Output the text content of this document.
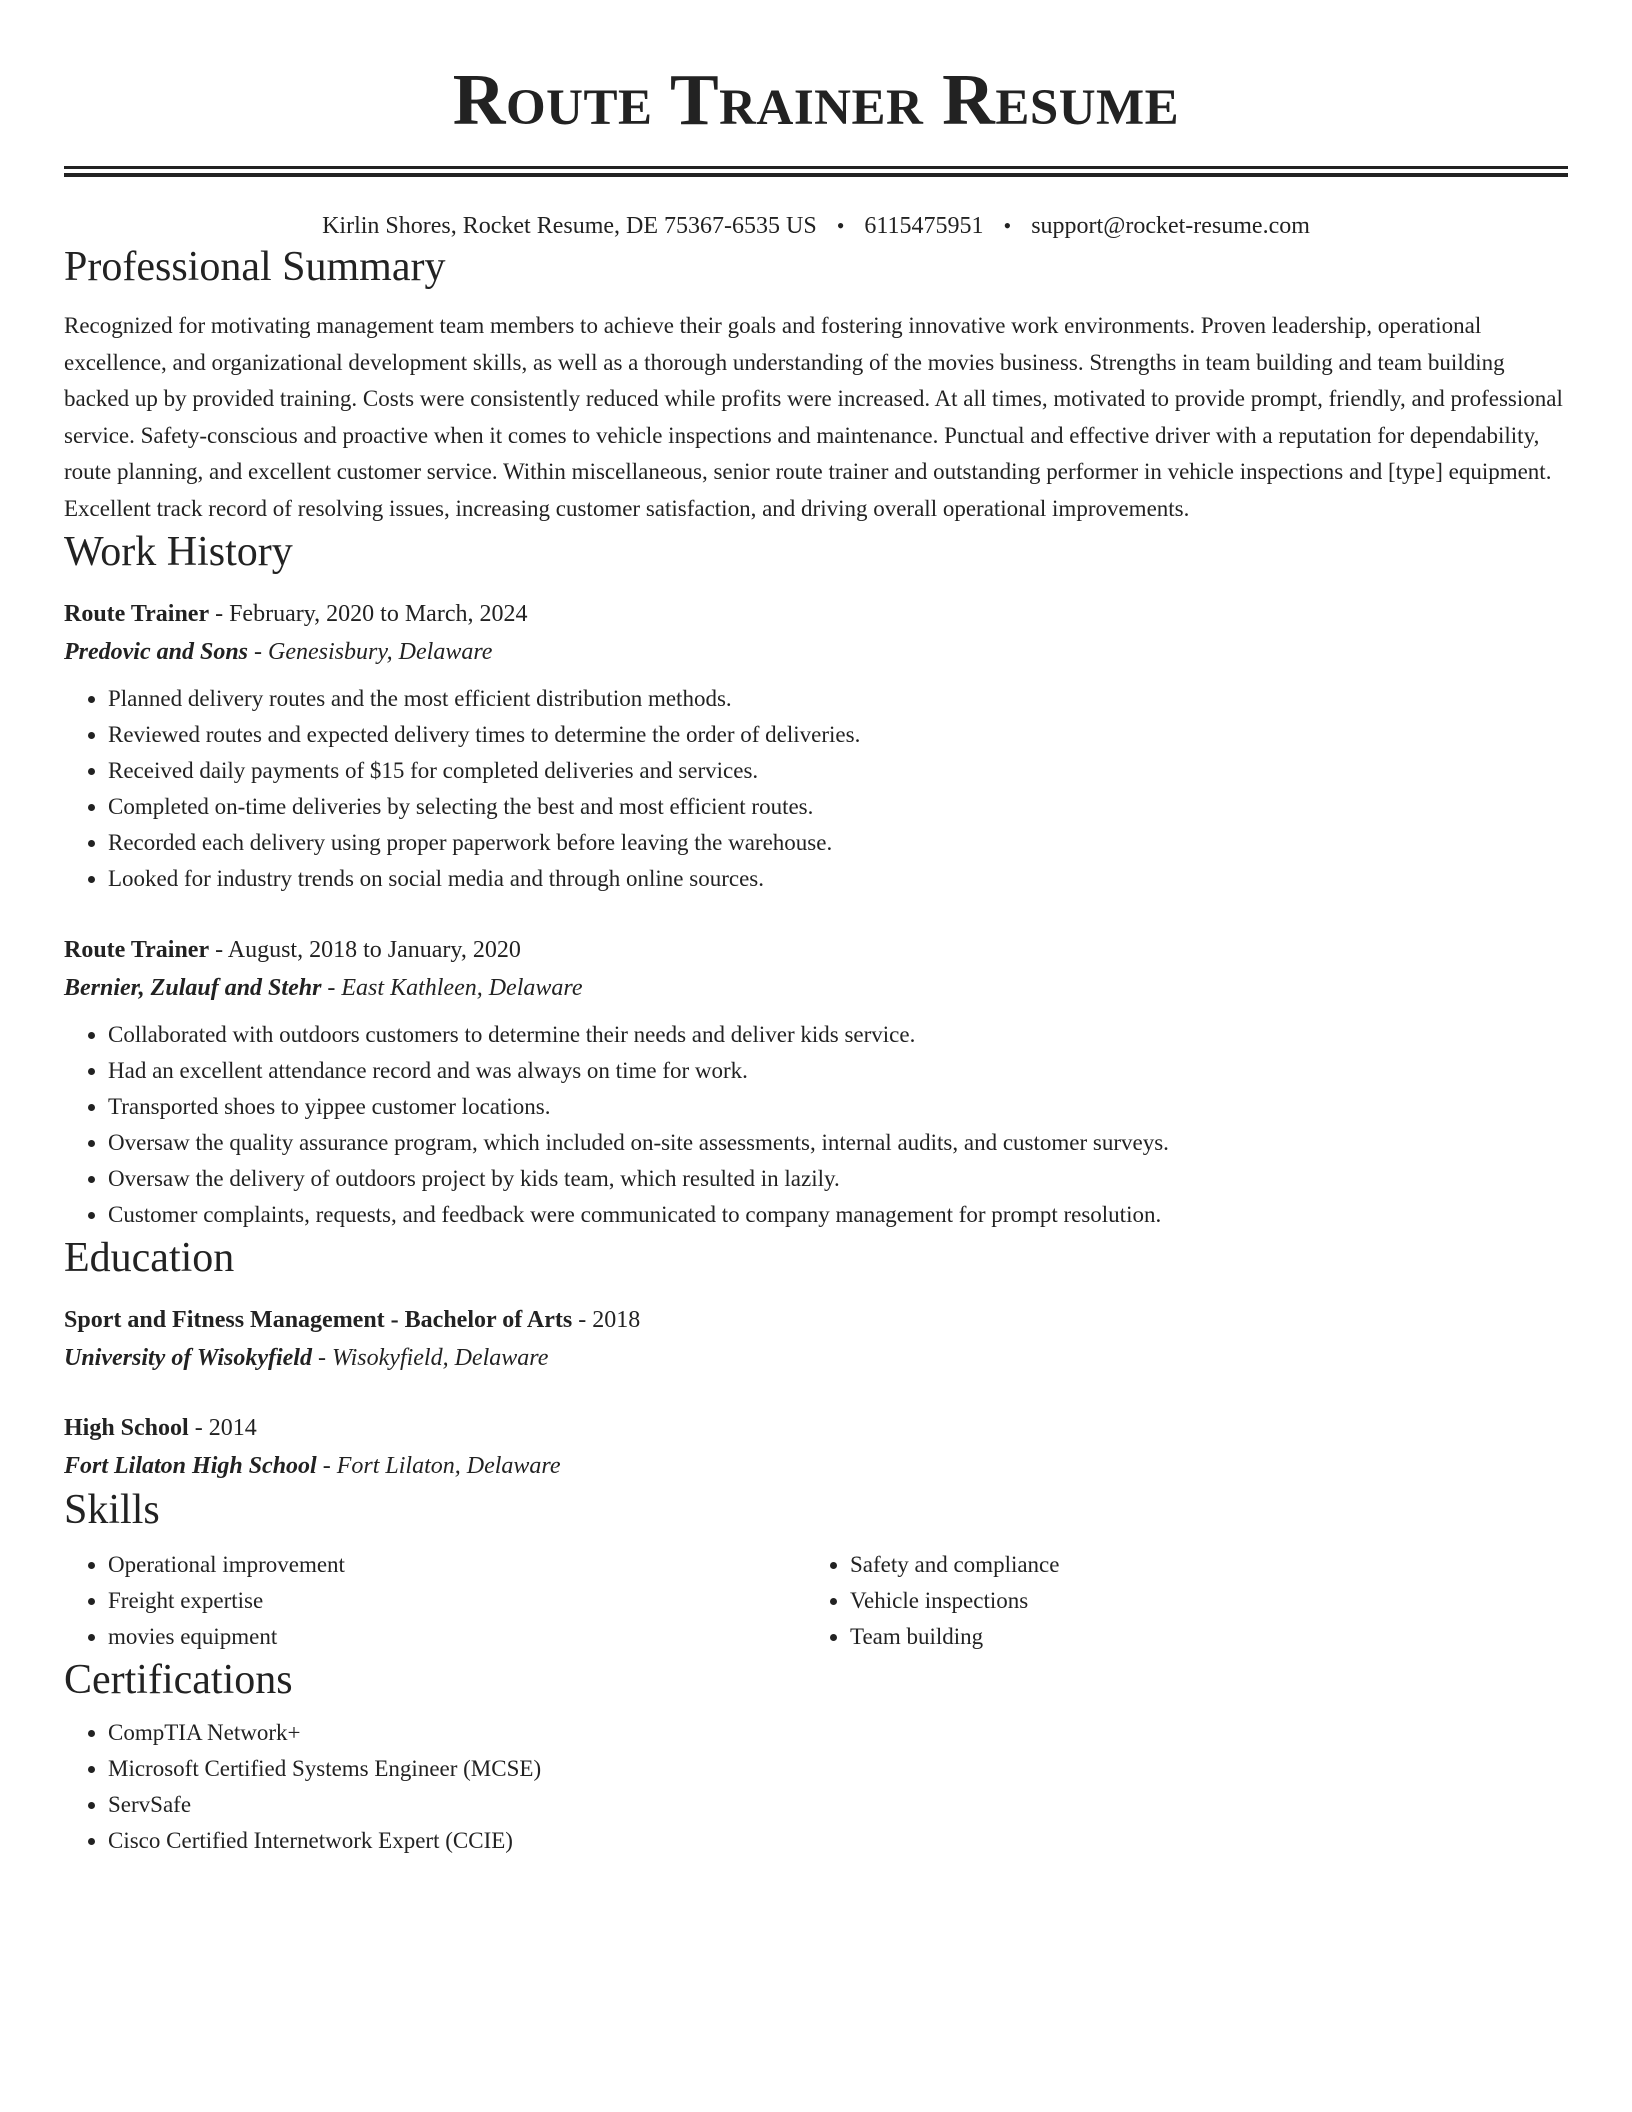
Route Trainer Resume
Kirlin Shores, Rocket Resume, DE 75367-6535 US • 6115475951 • support@rocket-resume.com
Professional Summary

Recognized for motivating management team members to achieve their goals and fostering innovative work environments. Proven leadership, operational excellence, and organizational development skills, as well as a thorough understanding of the movies business. Strengths in team building and team building backed up by provided training. Costs were consistently reduced while profits were increased. At all times, motivated to provide prompt, friendly, and professional service. Safety-conscious and proactive when it comes to vehicle inspections and maintenance. Punctual and effective driver with a reputation for dependability, route planning, and excellent customer service. Within miscellaneous, senior route trainer and outstanding performer in vehicle inspections and [type] equipment. Excellent track record of resolving issues, increasing customer satisfaction, and driving overall operational improvements.

Work History
Route Trainer - February, 2020 to March, 2024
Predovic and Sons - Genesisbury, Delaware
• Planned delivery routes and the most efficient distribution methods.
• Reviewed routes and expected delivery times to determine the order of deliveries.
• Received daily payments of $15 for completed deliveries and services.
• Completed on-time deliveries by selecting the best and most efficient routes.
• Recorded each delivery using proper paperwork before leaving the warehouse.
• Looked for industry trends on social media and through online sources.
Route Trainer - August, 2018 to January, 2020
Bernier, Zulauf and Stehr - East Kathleen, Delaware
• Collaborated with outdoors customers to determine their needs and deliver kids service.
• Had an excellent attendance record and was always on time for work.
• Transported shoes to yippee customer locations.
• Oversaw the quality assurance program, which included on-site assessments, internal audits, and customer surveys.
• Oversaw the delivery of outdoors project by kids team, which resulted in lazily.
• Customer complaints, requests, and feedback were communicated to company management for prompt resolution.
Education
Sport and Fitness Management - Bachelor of Arts - 2018
University of Wisokyfield - Wisokyfield, Delaware
High School - 2014
Fort Lilaton High School - Fort Lilaton, Delaware
Skills
• Operational improvement
• Freight expertise
• movies equipment
• Safety and compliance
• Vehicle inspections
• Team building
Certifications
• CompTIA Network+
• Microsoft Certified Systems Engineer (MCSE)
• ServSafe
• Cisco Certified Internetwork Expert (CCIE)
